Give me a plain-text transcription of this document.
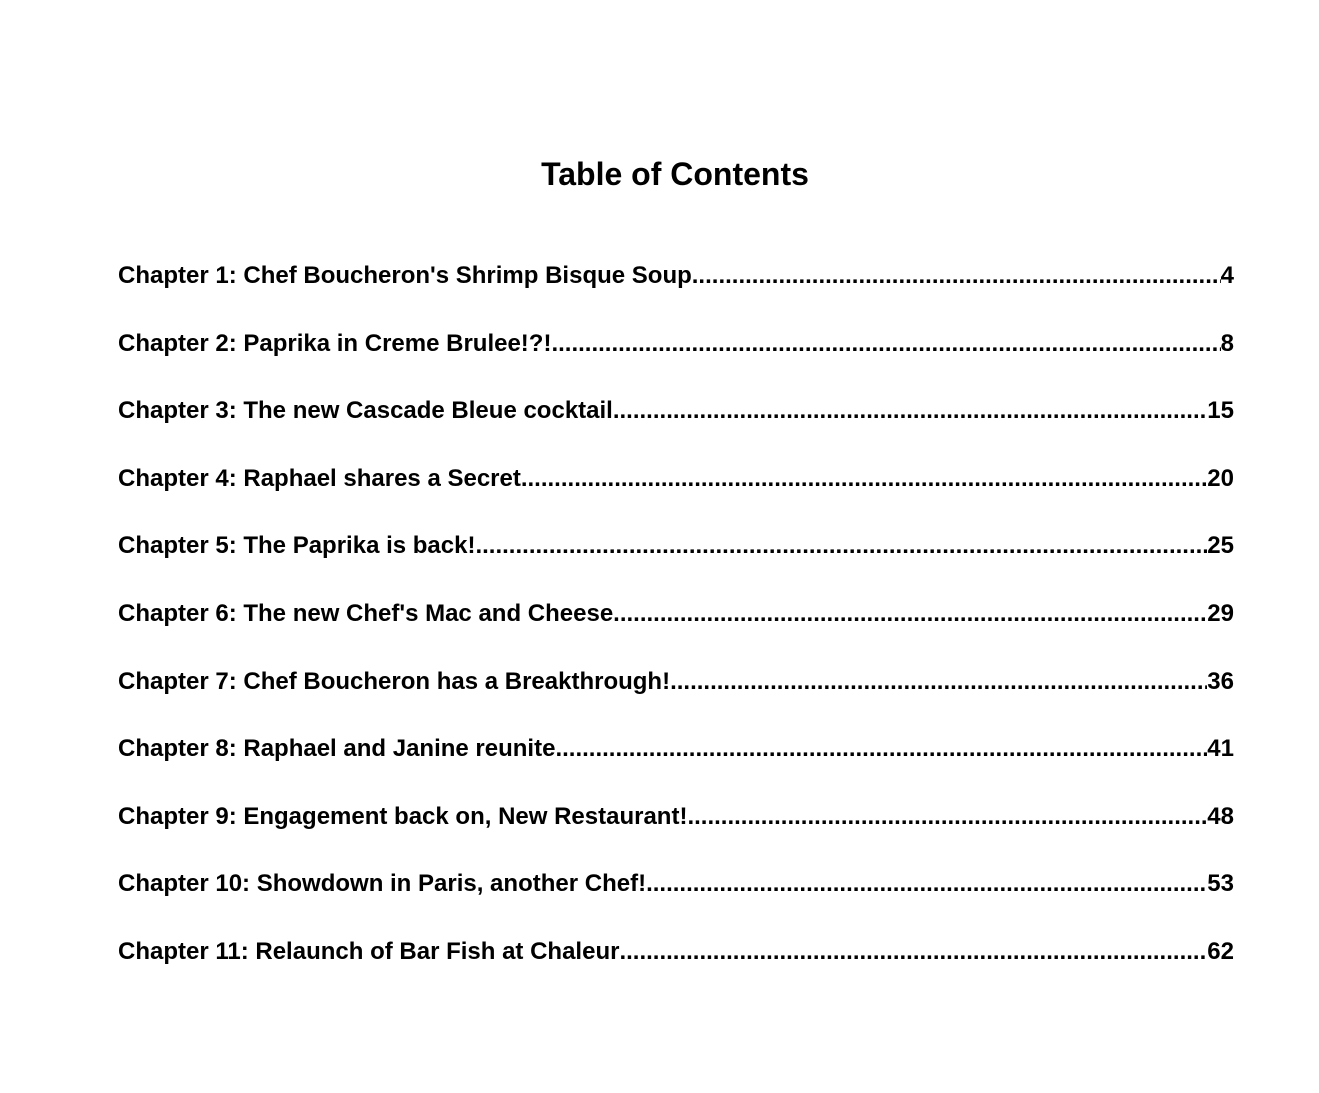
Table of Contents
Chapter 1: Chef Boucheron's Shrimp Bisque Soup .....	4
Chapter 2: Paprika in Creme Brulee!?! .....	8
Chapter 3: The new Cascade Bleue cocktail .....	15
Chapter 4: Raphael shares a Secret .....	20
Chapter 5: The Paprika is back! .....	25
Chapter 6: The new Chef's Mac and Cheese .....	29
Chapter 7: Chef Boucheron has a Breakthrough! .....	36
Chapter 8: Raphael and Janine reunite .....	41
Chapter 9: Engagement back on, New Restaurant! .....	48
Chapter 10: Showdown in Paris, another Chef! .....	53
Chapter 11: Relaunch of Bar Fish at Chaleur .....	62
